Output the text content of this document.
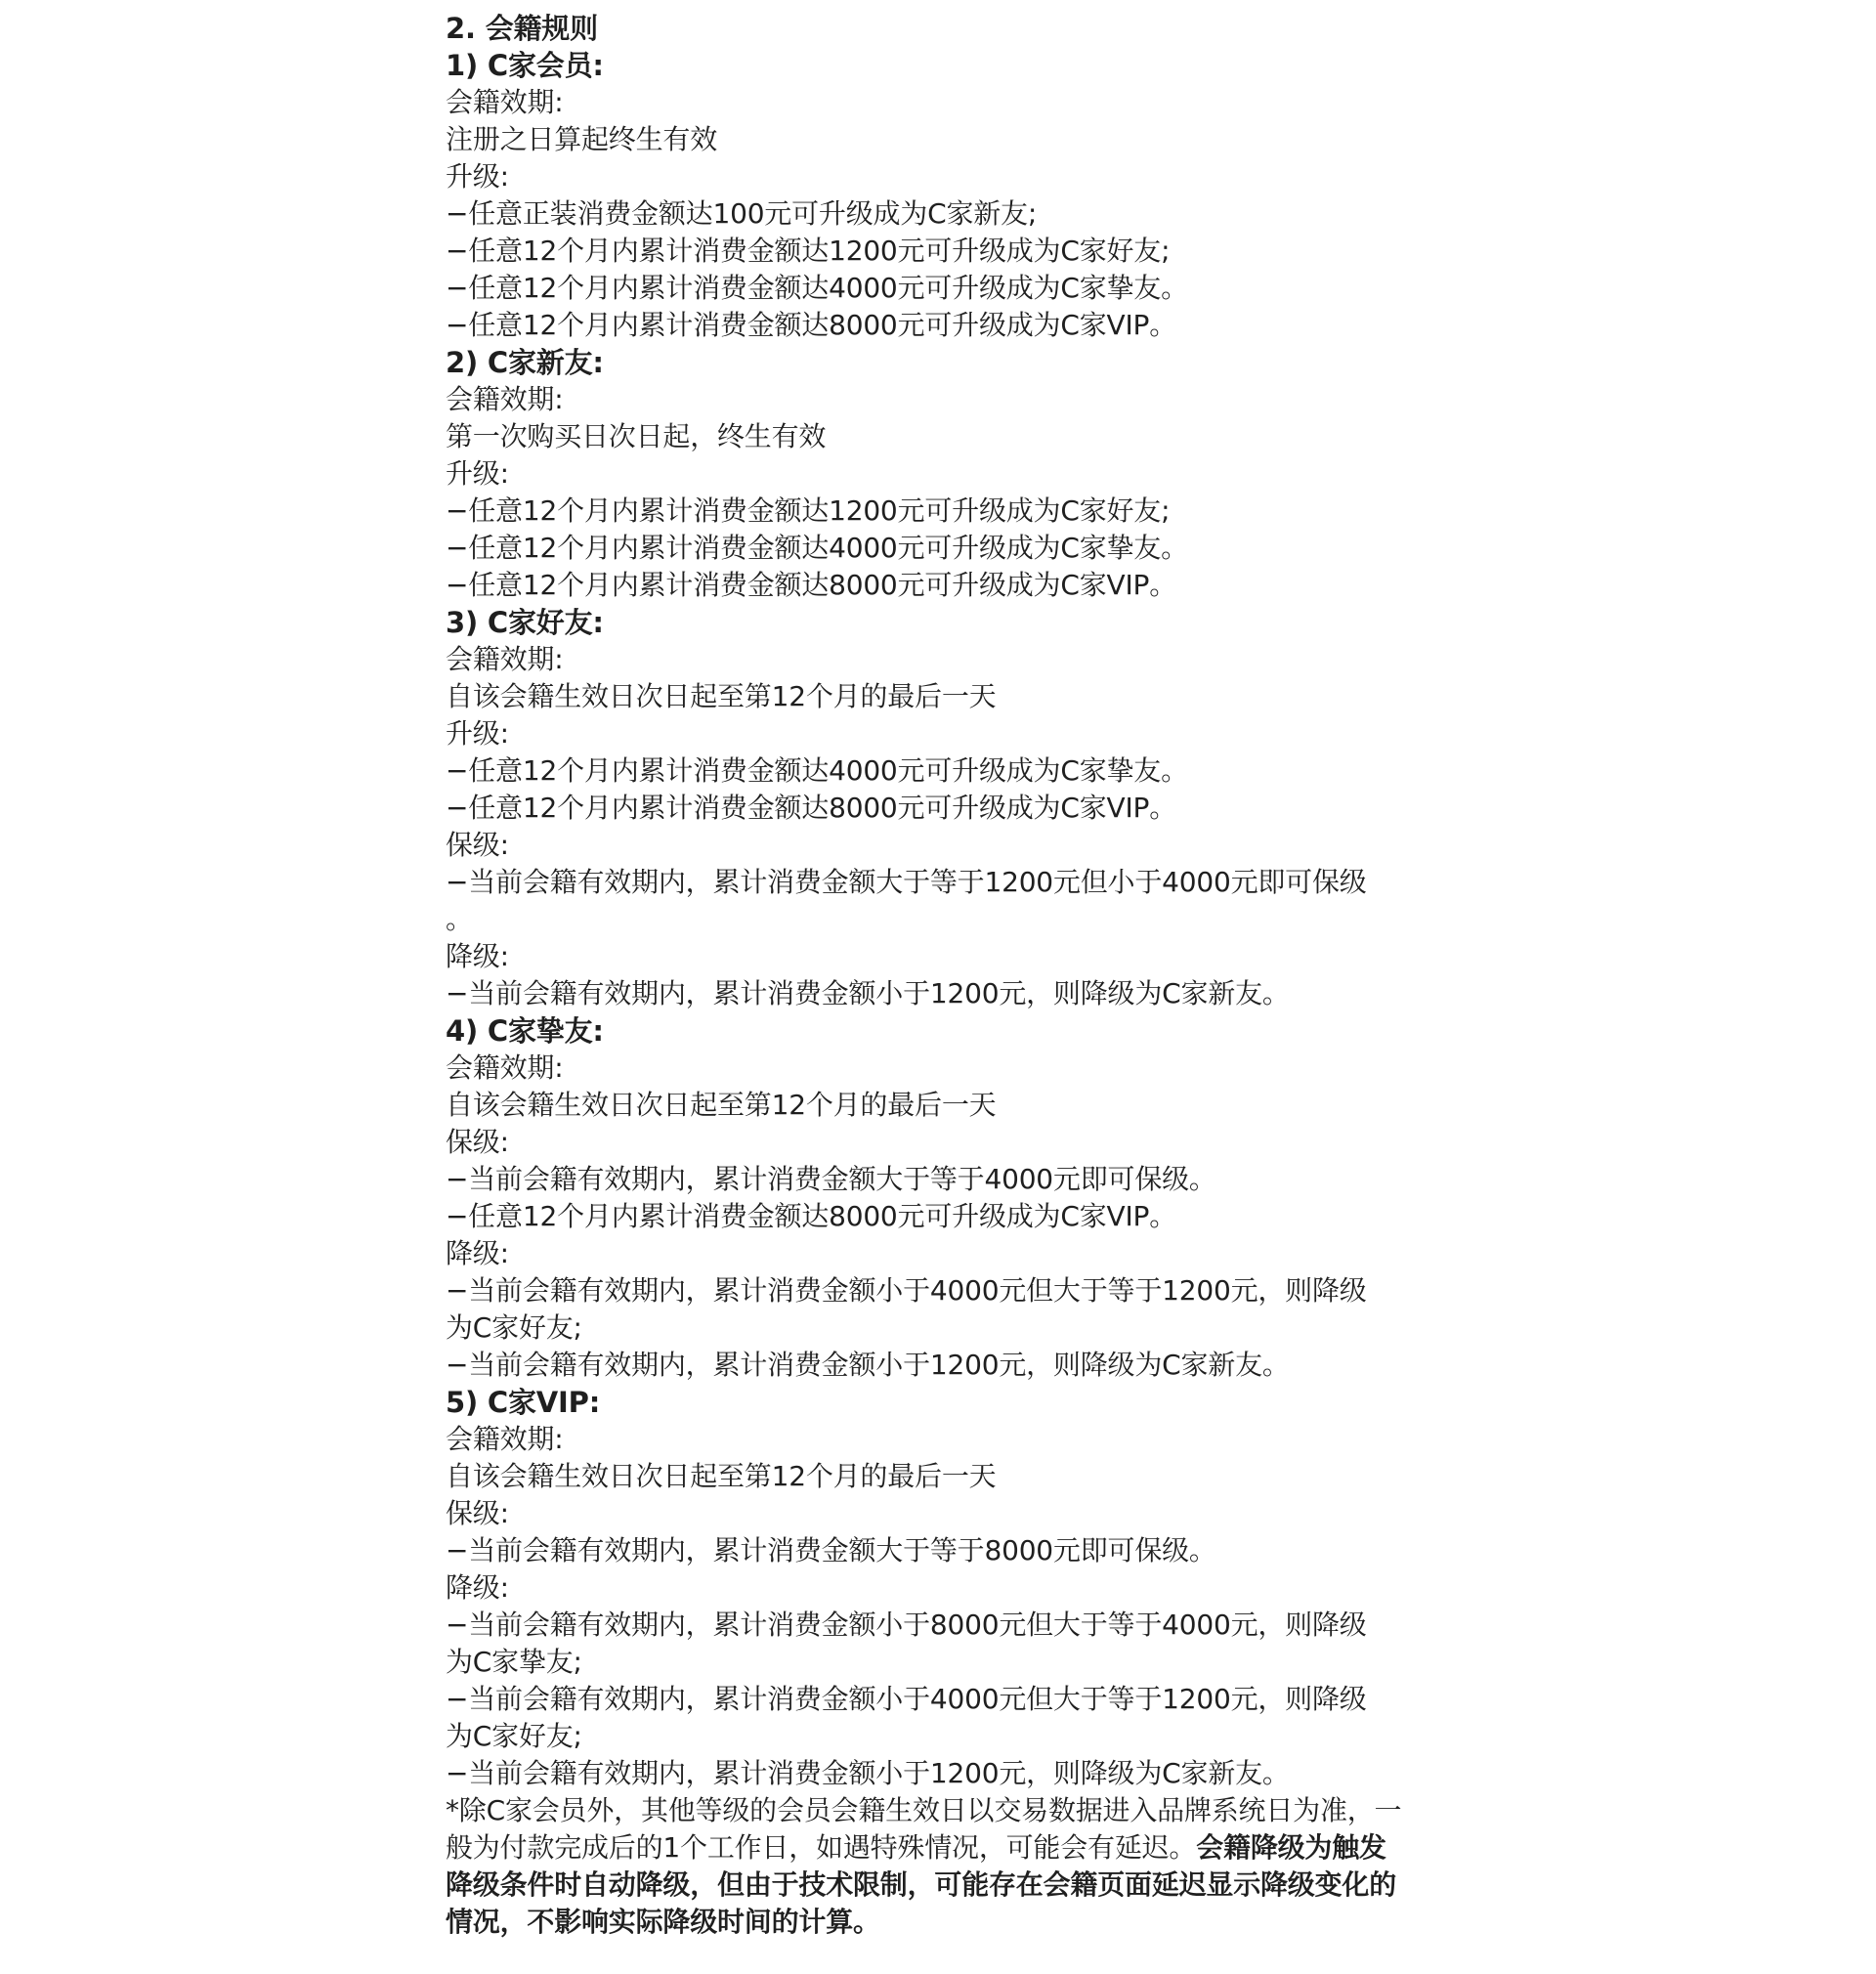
2. 会籍规则
1) C家会员:
会籍效期:
注册之日算起终生有效
升级:
−任意正装消费金额达100元可升级成为C家新友;
−任意12个月内累计消费金额达1200元可升级成为C家好友;
−任意12个月内累计消费金额达4000元可升级成为C家挚友。
−任意12个月内累计消费金额达8000元可升级成为C家VIP。
2) C家新友:
会籍效期:
第一次购买日次日起，终生有效
升级:
−任意12个月内累计消费金额达1200元可升级成为C家好友;
−任意12个月内累计消费金额达4000元可升级成为C家挚友。
−任意12个月内累计消费金额达8000元可升级成为C家VIP。
3) C家好友:
会籍效期:
自该会籍生效日次日起至第12个月的最后一天
升级:
−任意12个月内累计消费金额达4000元可升级成为C家挚友。
−任意12个月内累计消费金额达8000元可升级成为C家VIP。
保级:
−当前会籍有效期内，累计消费金额大于等于1200元但小于4000元即可保级
。
降级:
−当前会籍有效期内，累计消费金额小于1200元，则降级为C家新友。
4) C家挚友:
会籍效期:
自该会籍生效日次日起至第12个月的最后一天
保级:
−当前会籍有效期内，累计消费金额大于等于4000元即可保级。
−任意12个月内累计消费金额达8000元可升级成为C家VIP。
降级:
−当前会籍有效期内，累计消费金额小于4000元但大于等于1200元，则降级
为C家好友;
−当前会籍有效期内，累计消费金额小于1200元，则降级为C家新友。
5) C家VIP:
会籍效期:
自该会籍生效日次日起至第12个月的最后一天
保级:
−当前会籍有效期内，累计消费金额大于等于8000元即可保级。
降级:
−当前会籍有效期内，累计消费金额小于8000元但大于等于4000元，则降级
为C家挚友;
−当前会籍有效期内，累计消费金额小于4000元但大于等于1200元，则降级
为C家好友;
−当前会籍有效期内，累计消费金额小于1200元，则降级为C家新友。
*除C家会员外，其他等级的会员会籍生效日以交易数据进入品牌系统日为准，一般为付款完成后的1个工作日，如遇特殊情况，可能会有延迟。会籍降级为触发降级条件时自动降级，但由于技术限制，可能存在会籍页面延迟显示降级变化的情况，不影响实际降级时间的计算。
